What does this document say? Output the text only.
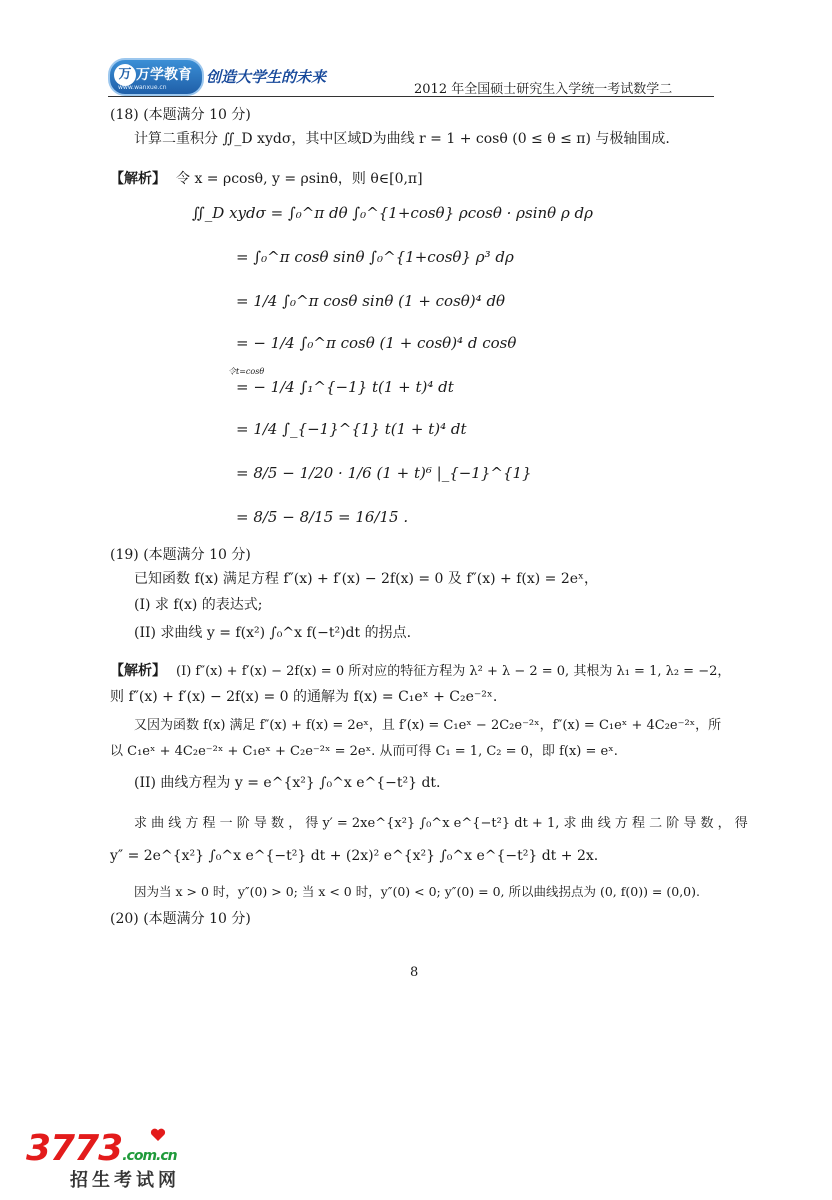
万 万学教育
www.wanxue.cn
创造大学生的未来
2012 年全国硕士研究生入学统一考试数学二
(18) (本题满分 10 分)
计算二重积分 ∬_D xydσ，其中区域D为曲线 r = 1 + cosθ (0 ≤ θ ≤ π) 与极轴围成.
【解析】 令 x = ρcosθ, y = ρsinθ，则 θ∈[0,π]
∬_D xydσ = ∫₀^π dθ ∫₀^{1+cosθ} ρcosθ · ρsinθ ρ dρ
= ∫₀^π cosθ sinθ ∫₀^{1+cosθ} ρ³ dρ
= 1/4 ∫₀^π cosθ sinθ (1 + cosθ)⁴ dθ
= − 1/4 ∫₀^π cosθ (1 + cosθ)⁴ d cosθ
令t=cosθ
= − 1/4 ∫₁^{−1} t(1 + t)⁴ dt
= 1/4 ∫_{−1}^{1} t(1 + t)⁴ dt
= 8/5 − 1/20 · 1/6 (1 + t)⁶ |_{−1}^{1}
= 8/5 − 8/15 = 16/15 .
(19) (本题满分 10 分)
已知函数 f(x) 满足方程 f″(x) + f′(x) − 2f(x) = 0 及 f″(x) + f(x) = 2eˣ，
(I) 求 f(x) 的表达式;
(II) 求曲线 y = f(x²) ∫₀^x f(−t²)dt 的拐点.
【解析】 (I) f″(x) + f′(x) − 2f(x) = 0 所对应的特征方程为 λ² + λ − 2 = 0, 其根为 λ₁ = 1, λ₂ = −2，
则 f″(x) + f′(x) − 2f(x) = 0 的通解为 f(x) = C₁eˣ + C₂e⁻²ˣ.
又因为函数 f(x) 满足 f″(x) + f(x) = 2eˣ，且 f′(x) = C₁eˣ − 2C₂e⁻²ˣ，f″(x) = C₁eˣ + 4C₂e⁻²ˣ，所
以 C₁eˣ + 4C₂e⁻²ˣ + C₁eˣ + C₂e⁻²ˣ = 2eˣ. 从而可得 C₁ = 1, C₂ = 0，即 f(x) = eˣ.
(II) 曲线方程为 y = e^{x²} ∫₀^x e^{−t²} dt.
求 曲 线 方 程 一 阶 导 数 ， 得 y′ = 2xe^{x²} ∫₀^x e^{−t²} dt + 1, 求 曲 线 方 程 二 阶 导 数 ， 得
y″ = 2e^{x²} ∫₀^x e^{−t²} dt + (2x)² e^{x²} ∫₀^x e^{−t²} dt + 2x.
因为当 x > 0 时，y″(0) > 0; 当 x < 0 时，y″(0) < 0; y″(0) = 0, 所以曲线拐点为 (0, f(0)) = (0,0).
(20) (本题满分 10 分)
8
3773.com.cn
招生考试网
